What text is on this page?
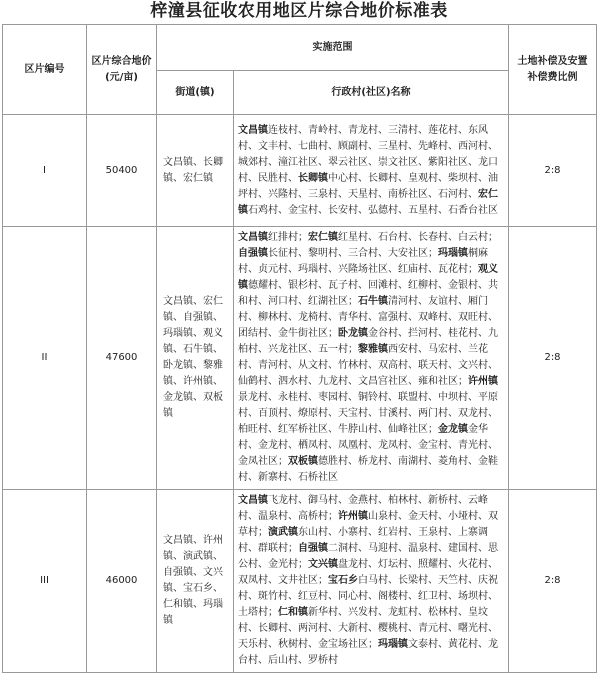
梓潼县征收农用地区片综合地价标准表
区片编号	区片综合地价(元/亩)	实施范围		土地补偿及安置补偿费比例
		街道(镇)	行政村(社区)名称	
I	50400	文昌镇、长卿镇、宏仁镇	文昌镇连枝村、青岭村、青龙村、三清村、莲花村、东风村、文丰村、七曲村、顾副村、三星村、先峰村、西河村、城郊村、潼江社区、翠云社区、崇文社区、紫阳社区、龙口村、民胜村、长卿镇中心村、长卿村、皇观村、柴坝村、油坪村、兴隆村、三泉村、天星村、南桥社区、石河村、宏仁镇石鸡村、金宝村、长安村、弘德村、五星村、石香台社区	2:8
II	47600	文昌镇、宏仁镇、自强镇、玛瑙镇、观义镇、石牛镇、卧龙镇、黎雅镇、许州镇、金龙镇、双板镇	文昌镇红排村；宏仁镇红星村、石台村、长春村、白云村；自强镇长征村、黎明村、三合村、大安社区；玛瑙镇桐麻村、贞元村、玛瑙村、兴隆场社区、红庙村、瓦花村；观义镇德耀村、银杉村、瓦子村、回滩村、红柳村、金银村、共和村、河口村、红湖社区；石牛镇清河村、友谊村、厢门村、柳林村、龙椅村、青华村、富强村、双峰村、双旺村、团结村、金牛街社区；卧龙镇金谷村、拦河村、桂花村、九柏村、兴龙社区、五一村；黎雅镇西安村、马宏村、兰花村、青河村、从文村、竹林村、双高村、联天村、文兴村、仙鹤村、泗水村、九龙村、文昌宫社区、雍和社区；许州镇景龙村、永桂村、枣园村、铜铃村、联盟村、中坝村、平原村、百顶村、燎原村、天宝村、甘溪村、两门村、双龙村、柏旺村、红军桥社区、牛脖山村、仙峰社区；金龙镇金华村、金龙村、栖凤村、凤凰村、龙凤村、金宝村、青光村、金凤社区；双板镇德胜村、桥龙村、南湖村、菱角村、金鞋村、新寨村、石桥社区	2:8
III	46000	文昌镇、许州镇、演武镇、自强镇、文兴镇、宝石乡、仁和镇、玛瑙镇	文昌镇飞龙村、御马村、金燕村、柏林村、新桥村、云峰村、温泉村、高桥村；许州镇山泉村、金天村、小垭村、双草村；演武镇东山村、小寨村、红岩村、王泉村、上寨调村、群联村；自强镇二洞村、马迎村、温泉村、建国村、思公村、金光村；文兴镇盘龙村、灯坛村、照耀村、火花村、双凤村、文井社区；宝石乡白马村、长梁村、天竺村、庆祝村、斑竹村、红豆村、同心村、阁楼村、红卫村、场坝村、土塔村；仁和镇新华村、兴发村、龙虹村、松林村、皇坟村、长卿村、两河村、大新村、樱桃村、青元村、曙光村、天乐村、秋树村、金宝场社区；玛瑙镇文泰村、黄花村、龙台村、后山村、罗桥村	2:8
